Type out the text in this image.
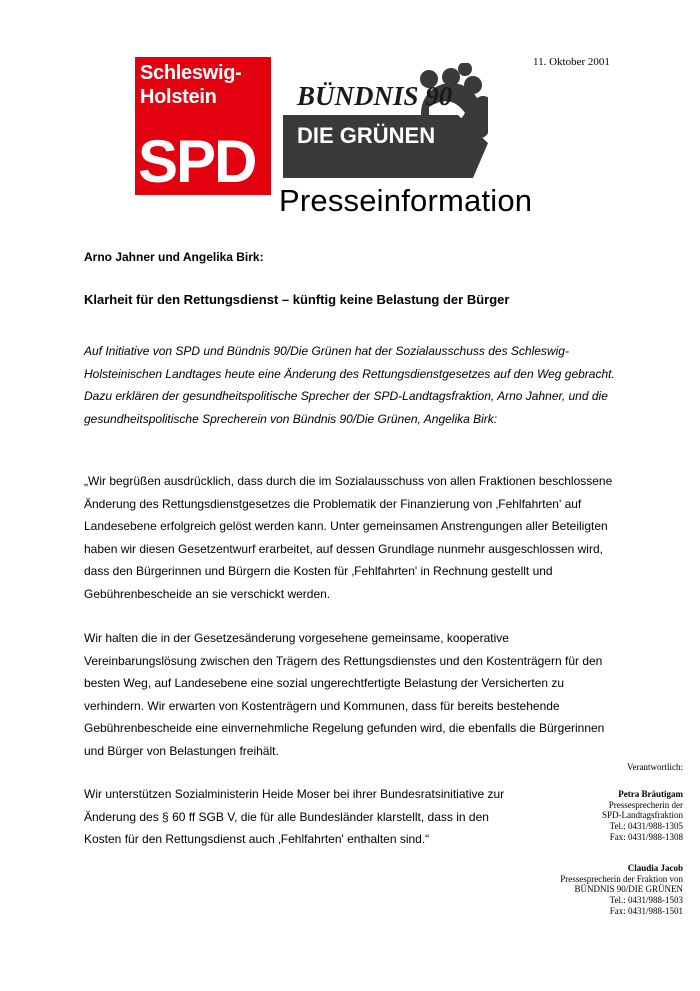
11. Oktober 2001
Schleswig-
Holstein
SPD
BÜNDNIS 90
DIE GRÜNEN
Presseinformation
Arno Jahner und Angelika Birk:
Klarheit für den Rettungsdienst – künftig keine Belastung der Bürger
Auf Initiative von SPD und Bündnis 90/Die Grünen hat der Sozialausschuss des Schleswig-Holsteinischen Landtages heute eine Änderung des Rettungsdienstgesetzes auf den Weg gebracht. Dazu erklären der gesundheitspolitische Sprecher der SPD-Landtagsfraktion, Arno Jahner, und die gesundheitspolitische Sprecherein von Bündnis 90/Die Grünen, Angelika Birk:
„Wir begrüßen ausdrücklich, dass durch die im Sozialausschuss von allen Fraktionen beschlossene Änderung des Rettungsdienstgesetzes die Problematik der Finanzierung von ‚Fehlfahrten' auf Landesebene erfolgreich gelöst werden kann. Unter gemeinsamen Anstrengungen aller Beteiligten haben wir diesen Gesetzentwurf erarbeitet, auf dessen Grundlage nunmehr ausgeschlossen wird, dass den Bürgerinnen und Bürgern die Kosten für ‚Fehlfahrten' in Rechnung gestellt und Gebührenbescheide an sie verschickt werden.
Wir halten die in der Gesetzesänderung vorgesehene gemeinsame, kooperative Vereinbarungslösung zwischen den Trägern des Rettungsdienstes und den Kostenträgern für den besten Weg, auf Landesebene eine sozial ungerechtfertigte Belastung der Versicherten zu verhindern. Wir erwarten von Kostenträgern und Kommunen, dass für bereits bestehende Gebührenbescheide eine einvernehmliche Regelung gefunden wird, die ebenfalls die Bürgerinnen und Bürger von Belastungen freihält.
Wir unterstützen Sozialministerin Heide Moser bei ihrer Bundesratsinitiative zur Änderung des § 60 ff SGB V, die für alle Bundesländer klarstellt, dass in den Kosten für den Rettungsdienst auch ‚Fehlfahrten' enthalten sind.“
Verantwortlich:
Petra Bräutigam
Pressesprecherin der
SPD-Landtagsfraktion
Tel.: 0431/988-1305
Fax: 0431/988-1308
Claudia Jacob
Pressesprecherin der Fraktion von
BÜNDNIS 90/DIE GRÜNEN
Tel.: 0431/988-1503
Fax: 0431/988-1501
